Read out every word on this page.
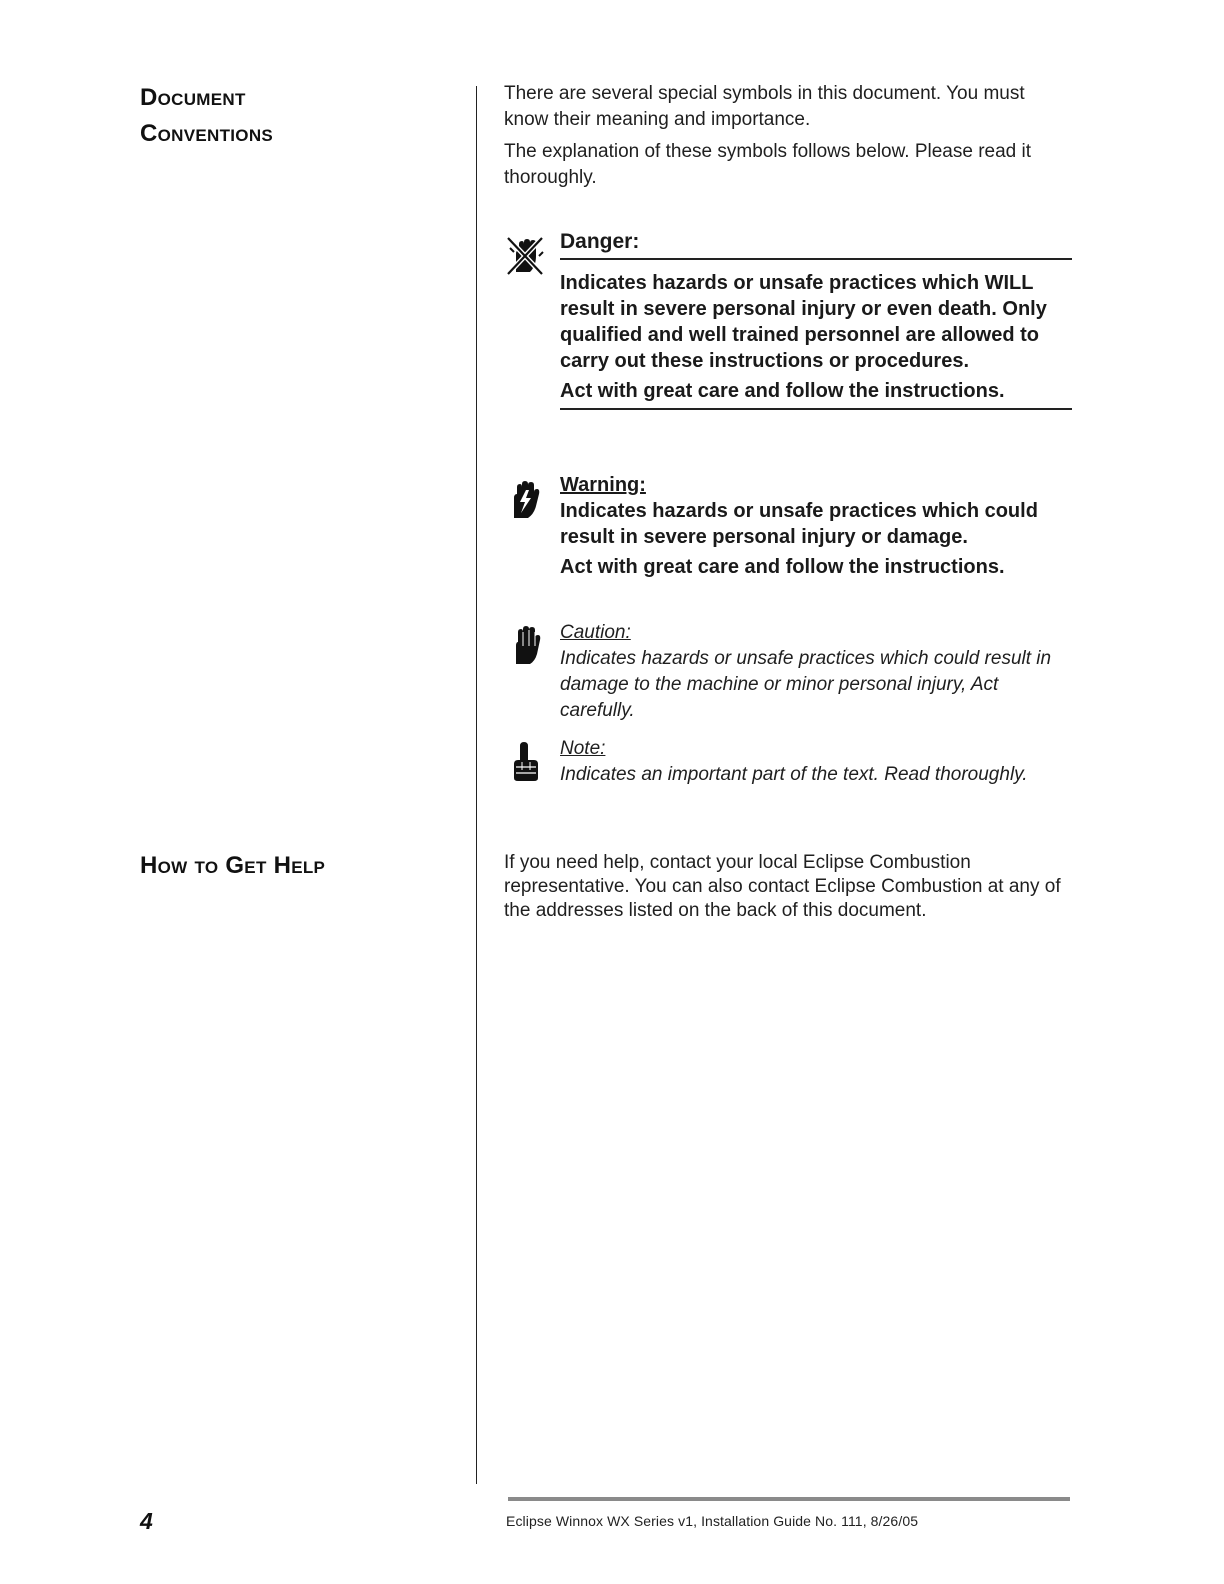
Document
Conventions
How to Get Help

There are several special symbols in this document. You must know their meaning and importance.

The explanation of these symbols follows below. Please read it thoroughly.

Danger:

Indicates hazards or unsafe practices which WILL result in severe personal injury or even death. Only qualified and well trained personnel are allowed to carry out these instructions or procedures.

Act with great care and follow the instructions.

Warning:

Indicates hazards or unsafe practices which could result in severe personal injury or damage.

Act with great care and follow the instructions.

Caution:

Indicates hazards or unsafe practices which could result in damage to the machine or minor personal injury, Act carefully.

Note:

Indicates an important part of the text. Read thoroughly.

If you need help, contact your local Eclipse Combustion representative. You can also contact Eclipse Combustion at any of the addresses listed on the back of this document.

4	Eclipse Winnox WX Series v1, Installation Guide No. 111, 8/26/05
